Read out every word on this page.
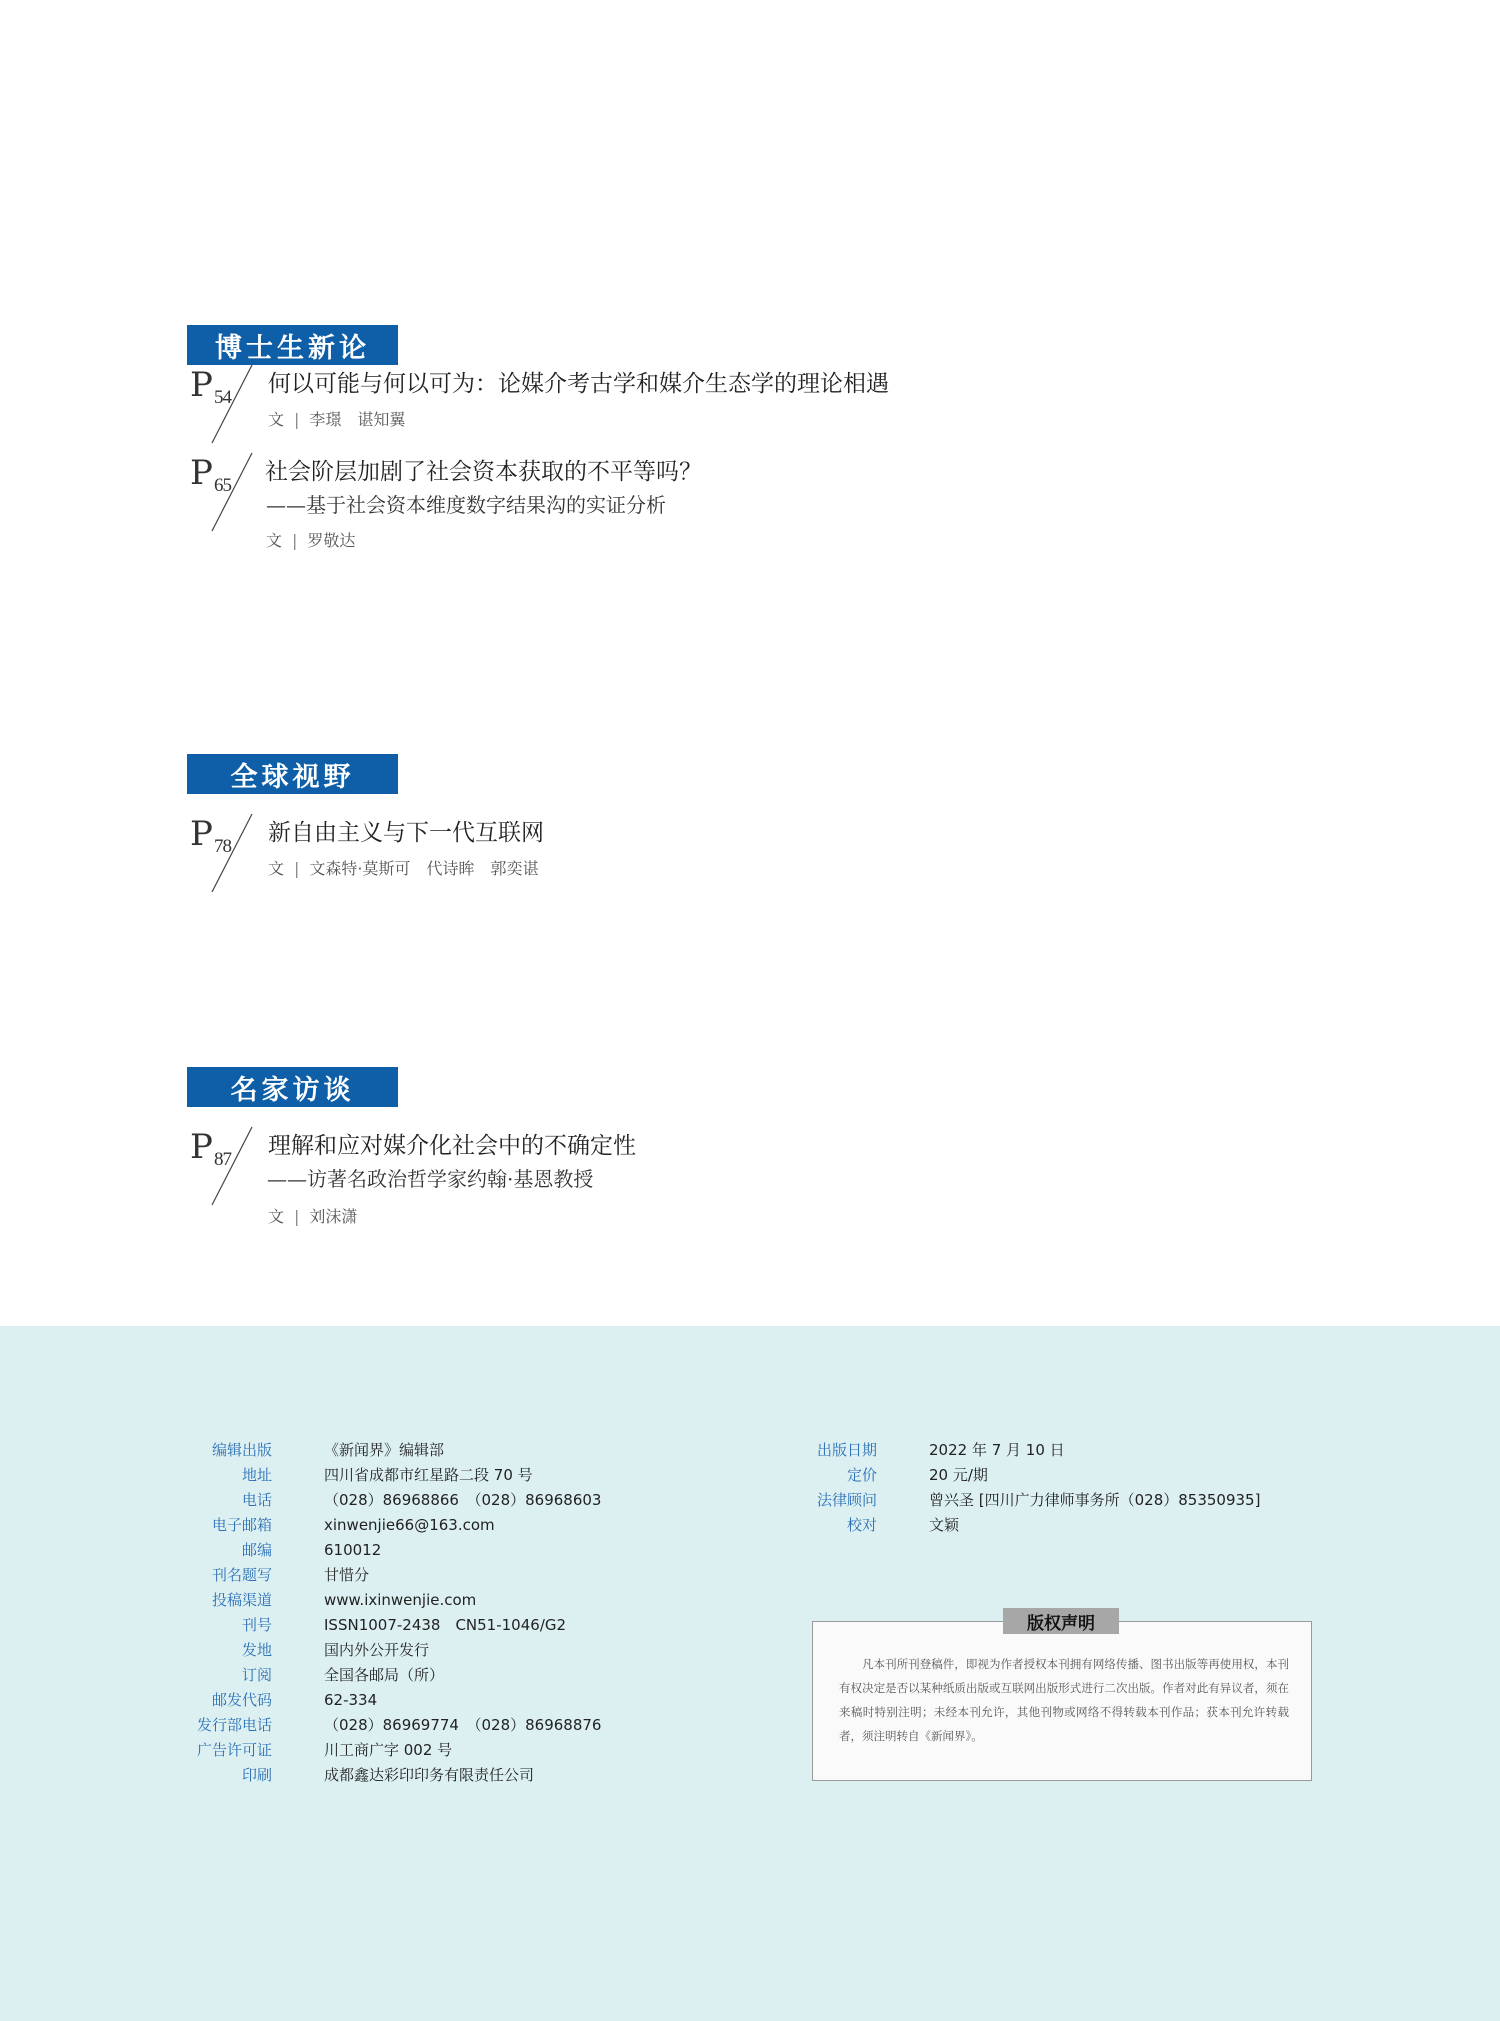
博士生新论
P 54
何以可能与何以可为：论媒介考古学和媒介生态学的理论相遇
文 | 李璟　谌知翼
P 65
社会阶层加剧了社会资本获取的不平等吗？
——基于社会资本维度数字结果沟的实证分析
文 | 罗敬达
全球视野
P 78
新自由主义与下一代互联网
文 | 文森特·莫斯可　代诗眸　郭奕谌
名家访谈
P 87
理解和应对媒介化社会中的不确定性
——访著名政治哲学家约翰·基恩教授
文 | 刘沫潇
编辑出版	《新闻界》编辑部
地址	四川省成都市红星路二段 70 号
电话	（028）86968866　（028）86968603
电子邮箱	xinwenjie66@163.com
邮编	610012
刊名题写	甘惜分
投稿渠道	www.ixinwenjie.com
刊号	ISSN1007-2438　CN51-1046/G2
发地	国内外公开发行
订阅	全国各邮局（所）
邮发代码	62-334
发行部电话	（028）86969774　（028）86968876
广告许可证	川工商广字 002 号
印刷	成都鑫达彩印印务有限责任公司
出版日期	2022 年 7 月 10 日
定价	20 元/期
法律顾问	曾兴圣 [四川广力律师事务所（028）85350935]
校对	文颖
版权声明
凡本刊所刊登稿件，即视为作者授权本刊拥有网络传播、图书出版等再使用权，本刊有权决定是否以某种纸质出版或互联网出版形式进行二次出版。作者对此有异议者，须在来稿时特别注明；未经本刊允许，其他刊物或网络不得转载本刊作品；获本刊允许转载者，须注明转自《新闻界》。
